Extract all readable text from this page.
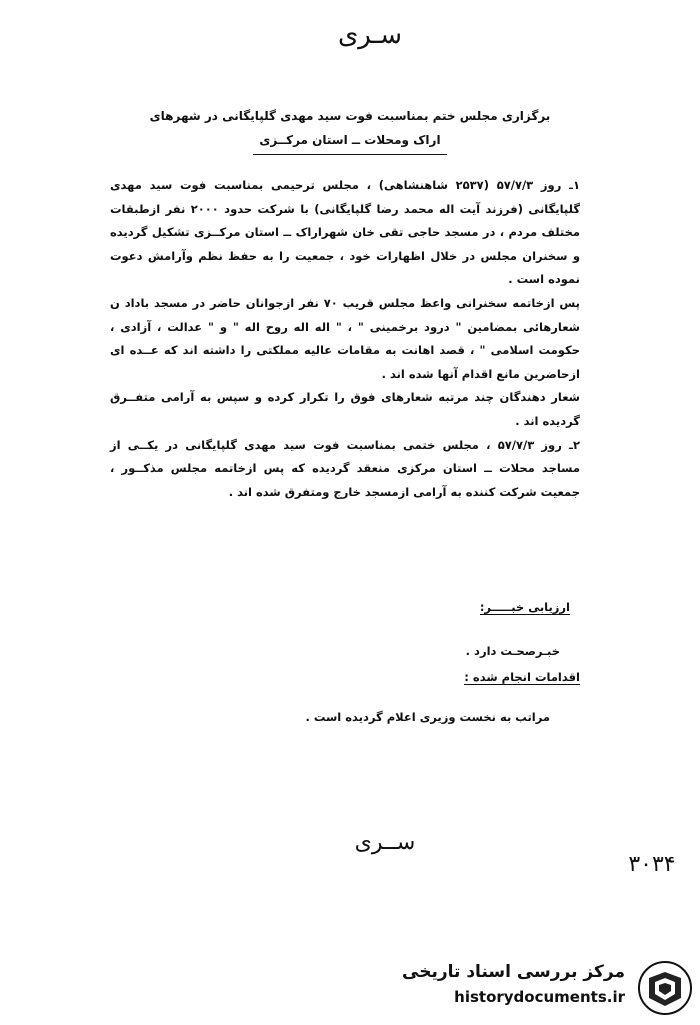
سـری
برگزاری مجلس ختم بمناسبت فوت سید مهدی گلپایگانی در شهرهای
اراک ومحلات ــ استان مرکــزی

۱ـ روز ۵۷/۷/۳ (۲۵۳۷ شاهنشاهی) ، مجلس ترحیمی بمناسبت فوت سید مهدی گلپایگانی (فرزند آیت اله محمد رضا گلپایگانی) با شرکت حدود ۲۰۰۰ نفر ازطبقات مختلف مردم ، در مسجد حاجی تقی خان شهراراک ــ استان مرکــزی تشکیل گردیده و سخنران مجلس در خلال اظهارات خود ، جمعیت را به حفظ نظم وآرامش دعوت نموده است .

پس ازخاتمه سخنرانی واعظ مجلس قریب ۷۰ نفر ازجوانان حاضر در مسجد باداد ن شعارهائی بمضامین " درود برخمینی " ، " اله اله روح اله " و " عدالت ، آزادی ، حکومت اسلامی " ، قصد اهانت به مقامات عالیه مملکتی را داشته اند که عــده ای ازحاضرین مانع اقدام آنها شده اند .

شعار دهندگان چند مرتبه شعارهای فوق را تکرار کرده و سپس به آرامی متفــرق گردیده اند .

۲ـ روز ۵۷/۷/۳ ، مجلس ختمی بمناسبت فوت سید مهدی گلپایگانی در یکــی از مساجد محلات ــ استان مرکزی منعقد گردیده که پس ازخاتمه مجلس مذکــور ، جمعیت شرکت کننده به آرامی ازمسجد خارج ومتفرق شده اند .

ارزیابی خبـــــر:
خبـرصحـت دارد .
اقدامات انجام شده :
مراتب به نخست وزیری اعلام گردیده است .
ســری
۳۰۳۴
مرکز بررسی اسناد تاریخی
historydocuments.ir
